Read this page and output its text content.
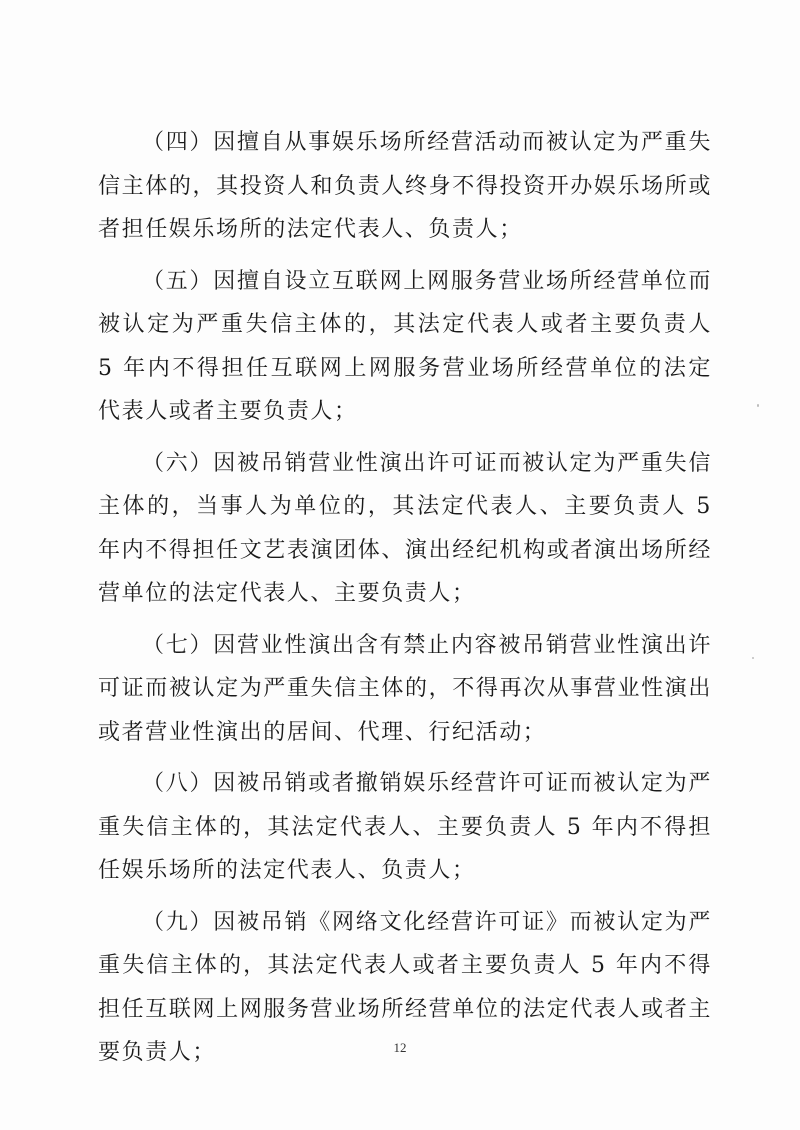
（四）因擅自从事娱乐场所经营活动而被认定为严重失信主体的，其投资人和负责人终身不得投资开办娱乐场所或者担任娱乐场所的法定代表人、负责人；

（五）因擅自设立互联网上网服务营业场所经营单位而被认定为严重失信主体的，其法定代表人或者主要负责人 5 年内不得担任互联网上网服务营业场所经营单位的法定代表人或者主要负责人；

（六）因被吊销营业性演出许可证而被认定为严重失信主体的，当事人为单位的，其法定代表人、主要负责人 5 年内不得担任文艺表演团体、演出经纪机构或者演出场所经营单位的法定代表人、主要负责人；

（七）因营业性演出含有禁止内容被吊销营业性演出许可证而被认定为严重失信主体的，不得再次从事营业性演出或者营业性演出的居间、代理、行纪活动；

（八）因被吊销或者撤销娱乐经营许可证而被认定为严重失信主体的，其法定代表人、主要负责人 5 年内不得担任娱乐场所的法定代表人、负责人；

（九）因被吊销《网络文化经营许可证》而被认定为严重失信主体的，其法定代表人或者主要负责人 5 年内不得担任互联网上网服务营业场所经营单位的法定代表人或者主要负责人；	12
